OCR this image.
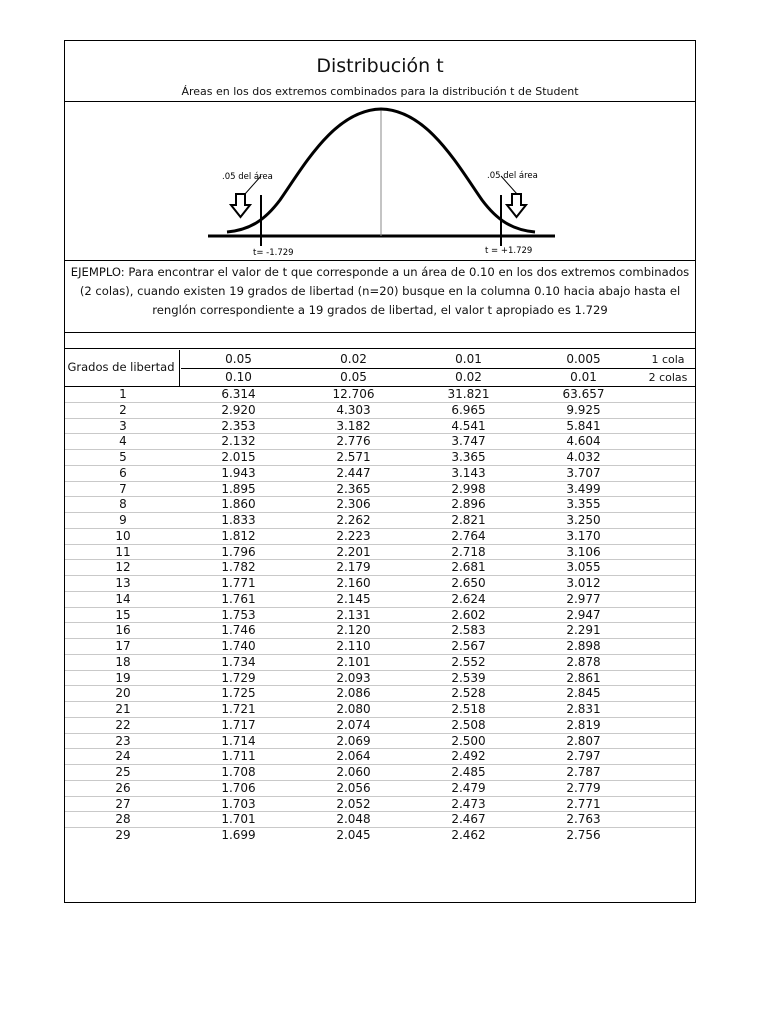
Distribución t
Áreas en los dos extremos combinados para la distribución t de Student
.05 del área	.05 del área
t= -1.729	t = +1.729
EJEMPLO: Para encontrar el valor de t que corresponde a un área de 0.10 en los dos extremos combinados (2 colas), cuando existen 19 grados de libertad (n=20) busque en la columna 0.10 hacia abajo hasta el renglón correspondiente a 19 grados de libertad, el valor t apropiado es 1.729
Grados de libertad
0.05	0.02	0.01	0.005	1 cola
0.10	0.05	0.02	0.01	2 colas
1	6.314	12.706	31.821	63.657
2	2.920	4.303	6.965	9.925
3	2.353	3.182	4.541	5.841
4	2.132	2.776	3.747	4.604
5	2.015	2.571	3.365	4.032
6	1.943	2.447	3.143	3.707
7	1.895	2.365	2.998	3.499
8	1.860	2.306	2.896	3.355
9	1.833	2.262	2.821	3.250
10	1.812	2.223	2.764	3.170
11	1.796	2.201	2.718	3.106
12	1.782	2.179	2.681	3.055
13	1.771	2.160	2.650	3.012
14	1.761	2.145	2.624	2.977
15	1.753	2.131	2.602	2.947
16	1.746	2.120	2.583	2.291
17	1.740	2.110	2.567	2.898
18	1.734	2.101	2.552	2.878
19	1.729	2.093	2.539	2.861
20	1.725	2.086	2.528	2.845
21	1.721	2.080	2.518	2.831
22	1.717	2.074	2.508	2.819
23	1.714	2.069	2.500	2.807
24	1.711	2.064	2.492	2.797
25	1.708	2.060	2.485	2.787
26	1.706	2.056	2.479	2.779
27	1.703	2.052	2.473	2.771
28	1.701	2.048	2.467	2.763
29	1.699	2.045	2.462	2.756
